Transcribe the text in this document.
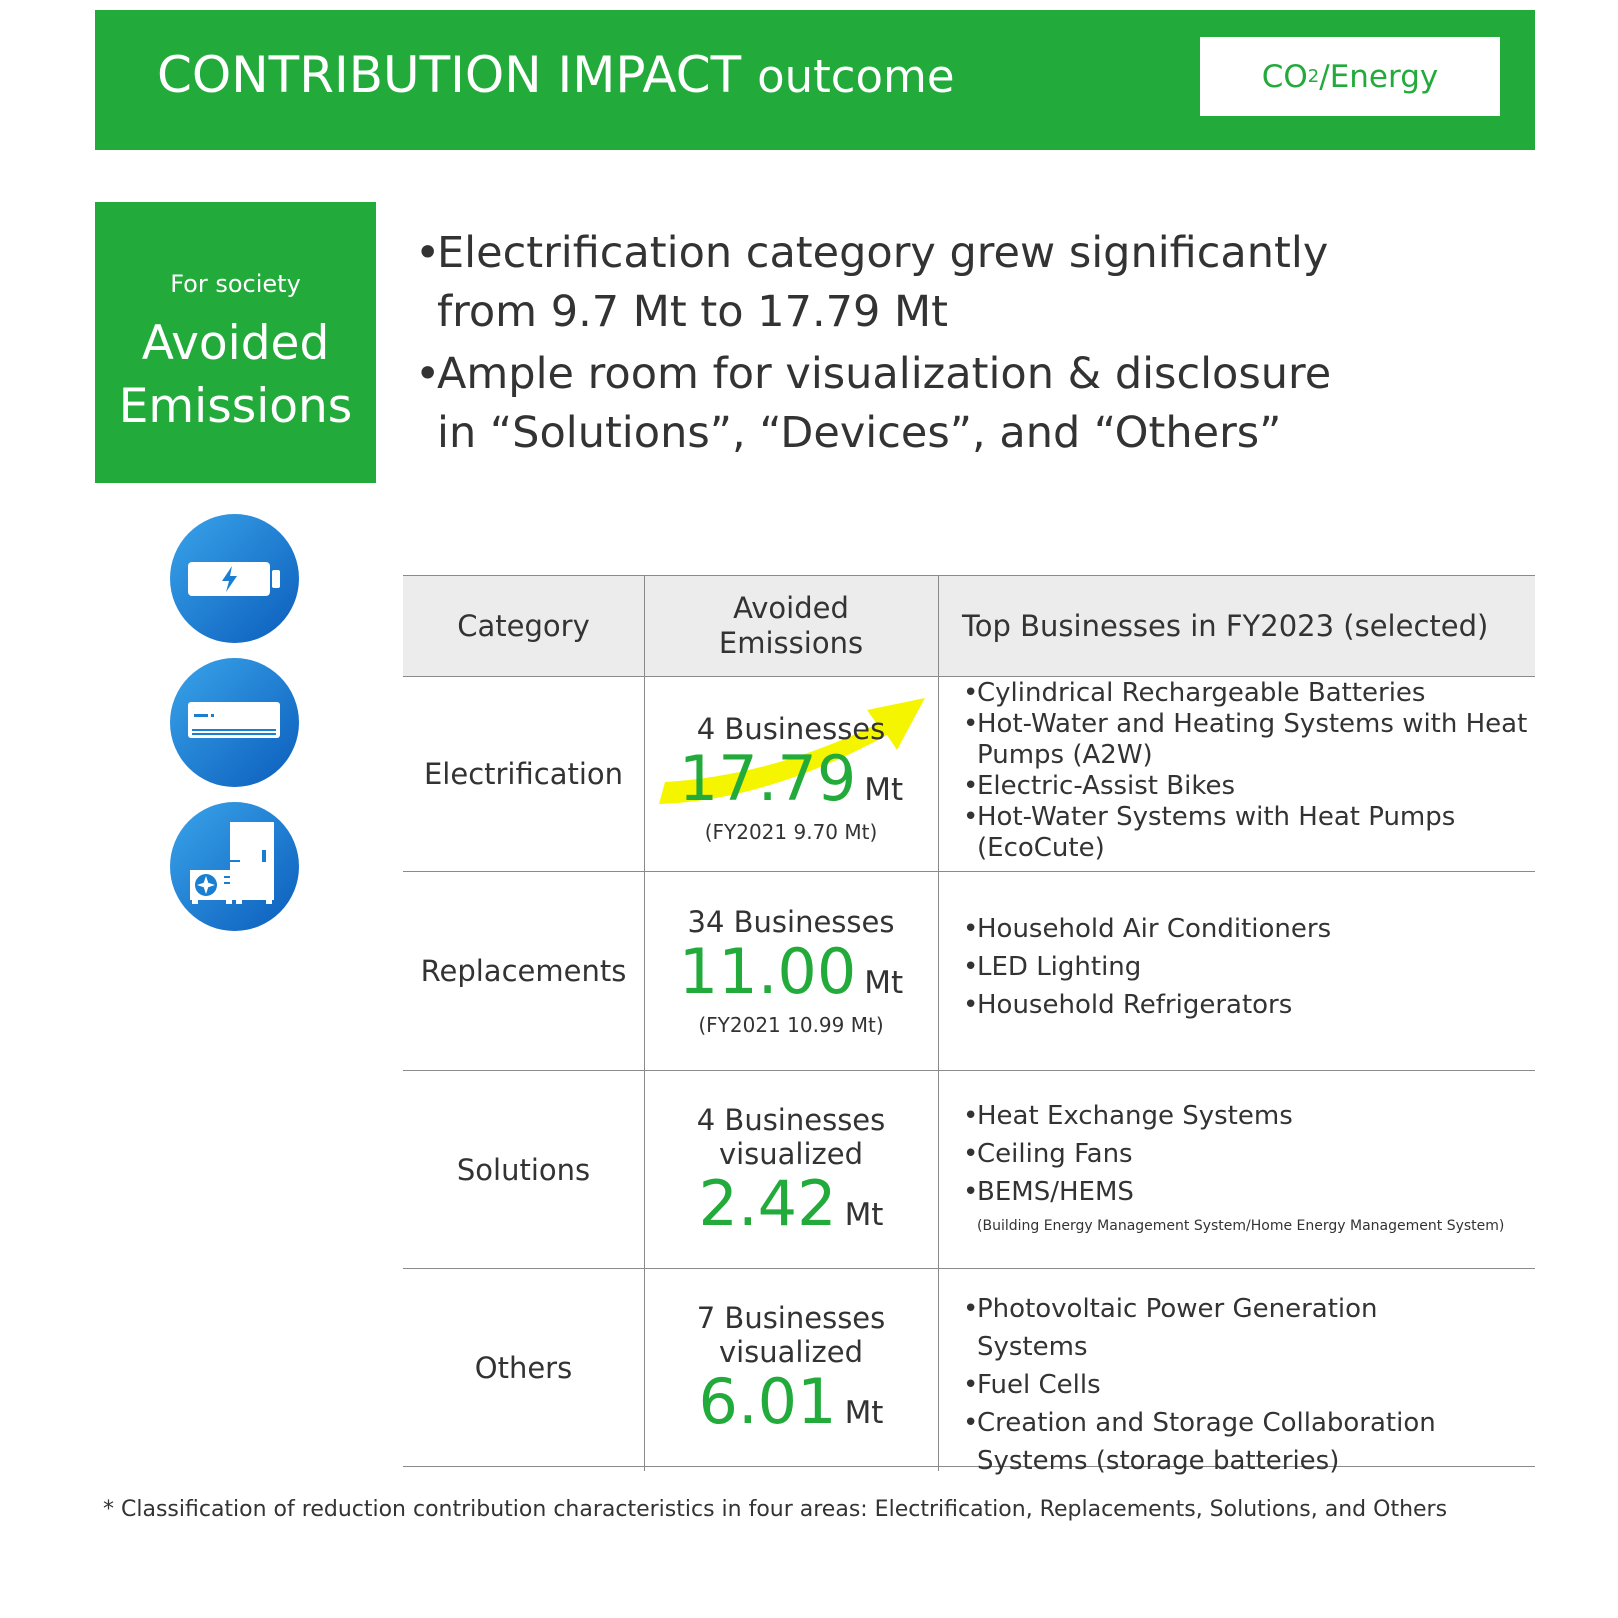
CONTRIBUTION IMPACT outcome	CO 2 /Energy
For society
Avoided
Emissions
•
Electrification category grew significantly
from 9.7 Mt to 17.79 Mt
•
Ample room for visualization & disclosure
in “Solutions”, “Devices”, and “Others”
Category
Avoided
Emissions
Top Businesses in FY2023 (selected)
Electrification
4 Businesses
17.79 Mt
(FY2021 9.70 Mt)
•
Cylindrical Rechargeable Batteries
•
Hot-Water and Heating Systems with Heat Pumps (A2W)
•
Electric-Assist Bikes
•
Hot-Water Systems with Heat Pumps (EcoCute)
Replacements
34 Businesses
11.00 Mt
(FY2021 10.99 Mt)
•
Household Air Conditioners
•
LED Lighting
•
Household Refrigerators
Solutions
4 Businesses
visualized
2.42 Mt
•
Heat Exchange Systems
•
Ceiling Fans
•
BEMS/HEMS
(Building Energy Management System/Home Energy Management System)
Others
7 Businesses
visualized
6.01 Mt
•
Photovoltaic Power Generation Systems
•
Fuel Cells
•
Creation and Storage Collaboration Systems (storage batteries)
* Classification of reduction contribution characteristics in four areas: Electrification, Replacements, Solutions, and Others
